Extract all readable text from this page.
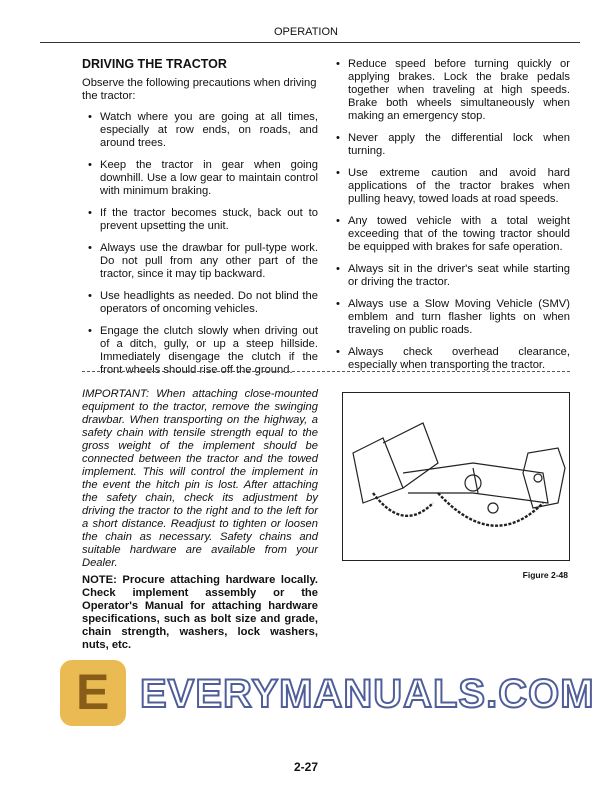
OPERATION
DRIVING THE TRACTOR

Observe the following precautions when driving the tractor:

• Watch where you are going at all times, especially at row ends, on roads, and around trees.
• Keep the tractor in gear when going downhill. Use a low gear to maintain control with minimum braking.
• If the tractor becomes stuck, back out to prevent upsetting the unit.
• Always use the drawbar for pull-type work. Do not pull from any other part of the tractor, since it may tip backward.
• Use headlights as needed. Do not blind the operators of oncoming vehicles.
• Engage the clutch slowly when driving out of a ditch, gully, or up a steep hillside. Immediately disengage the clutch if the front wheels should rise off the ground.
• Reduce speed before turning quickly or applying brakes. Lock the brake pedals together when traveling at high speeds. Brake both wheels simultaneously when making an emergency stop.
• Never apply the differential lock when turning.
• Use extreme caution and avoid hard applications of the tractor brakes when pulling heavy, towed loads at road speeds.
• Any towed vehicle with a total weight exceeding that of the towing tractor should be equipped with brakes for safe operation.
• Always sit in the driver's seat while starting or driving the tractor.
• Always use a Slow Moving Vehicle (SMV) emblem and turn flasher lights on when traveling on public roads.
• Always check overhead clearance, especially when transporting the tractor.
IMPORTANT: When attaching close-mounted equipment to the tractor, remove the swinging drawbar. When transporting on the highway, a safety chain with tensile strength equal to the gross weight of the implement should be connected between the tractor and the towed implement. This will control the implement in the event the hitch pin is lost. After attaching the safety chain, check its adjustment by driving the tractor to the right and to the left for a short distance. Readjust to tighten or loosen the chain as necessary. Safety chains and suitable hardware are available from your Dealer.
NOTE: Procure attaching hardware locally. Check implement assembly or the Operator's Manual for attaching hardware specifications, such as bolt size and grade, chain strength, washers, lock washers, nuts, etc.
Figure 2-48
E EVERYMANUALS.COM
2-27
